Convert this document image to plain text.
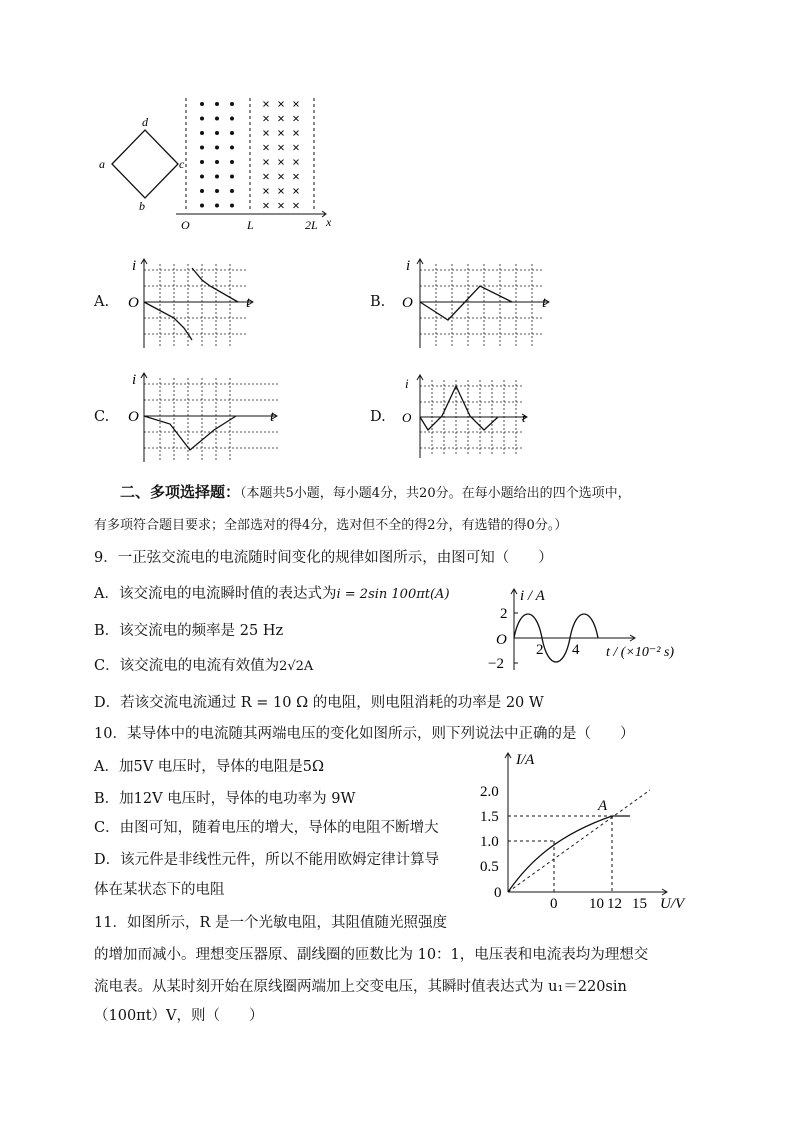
a
b
c
d
O	L	2L x
A.
i
O	t	B.
i
O	t
C.
i
O	t	D.
i
O	t
二、多项选择题：（本题共5小题，每小题4分，共20分。在每小题给出的四个选项中，
有多项符合题目要求；全部选对的得4分，选对但不全的得2分，有选错的得0分。）
9．一正弦交流电的电流随时间变化的规律如图所示，由图可知（　　）
A．该交流电的电流瞬时值的表达式为i = 2sin 100πt(A)
B．该交流电的频率是 25 Hz
C．该交流电的电流有效值为2√2A
D．若该交流电流通过 R = 10 Ω 的电阻，则电阻消耗的功率是 20 W
i / A
2
O
−2
2 4 t / (×10⁻² s)
10．某导体中的电流随其两端电压的变化如图所示，则下列说法中正确的是（　　）
A．加5V 电压时，导体的电阻是5Ω
B．加12V 电压时，导体的电功率为 9W
C．由图可知，随着电压的增大，导体的电阻不断增大
D．该元件是非线性元件，所以不能用欧姆定律计算导
体在某状态下的电阻
I/A
2.0
1.5
1.0
0.5
0
0 10 12 15 U/V
A
11．如图所示，R 是一个光敏电阻，其阻值随光照强度
的增加而减小。理想变压器原、副线圈的匝数比为 10：1，电压表和电流表均为理想交
流电表。从某时刻开始在原线圈两端加上交变电压，其瞬时值表达式为 u₁＝220sin
（100πt）V，则（　　）
